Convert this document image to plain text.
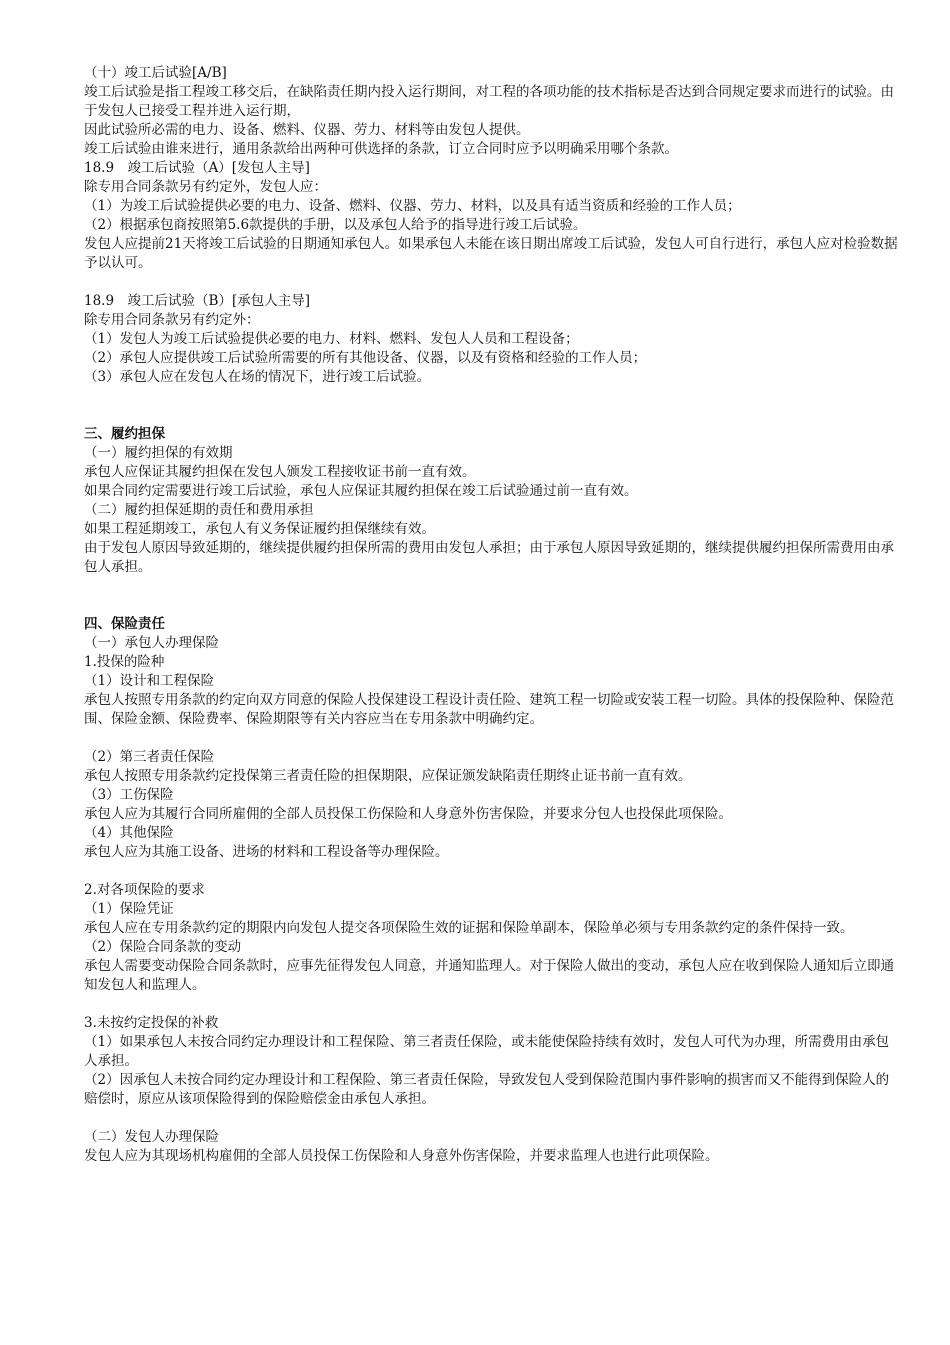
（十）竣工后试验[A/B]

竣工后试验是指工程竣工移交后，在缺陷责任期内投入运行期间，对工程的各项功能的技术指标是否达到合同规定要求而进行的试验。由于发包人已接受工程并进入运行期，

因此试验所必需的电力、设备、燃料、仪器、劳力、材料等由发包人提供。

竣工后试验由谁来进行，通用条款给出两种可供选择的条款，订立合同时应予以明确采用哪个条款。

18.9　竣工后试验（A）[发包人主导]

除专用合同条款另有约定外，发包人应：

（1）为竣工后试验提供必要的电力、设备、燃料、仪器、劳力、材料，以及具有适当资质和经验的工作人员；

（2）根据承包商按照第5.6款提供的手册，以及承包人给予的指导进行竣工后试验。

发包人应提前21天将竣工后试验的日期通知承包人。如果承包人未能在该日期出席竣工后试验，发包人可自行进行，承包人应对检验数据予以认可。

18.9　竣工后试验（B）[承包人主导]

除专用合同条款另有约定外：

（1）发包人为竣工后试验提供必要的电力、材料、燃料、发包人人员和工程设备；

（2）承包人应提供竣工后试验所需要的所有其他设备、仪器，以及有资格和经验的工作人员；

（3）承包人应在发包人在场的情况下，进行竣工后试验。

三、履约担保

（一）履约担保的有效期

承包人应保证其履约担保在发包人颁发工程接收证书前一直有效。

如果合同约定需要进行竣工后试验，承包人应保证其履约担保在竣工后试验通过前一直有效。

（二）履约担保延期的责任和费用承担

如果工程延期竣工，承包人有义务保证履约担保继续有效。

由于发包人原因导致延期的，继续提供履约担保所需的费用由发包人承担；由于承包人原因导致延期的，继续提供履约担保所需费用由承包人承担。

四、保险责任

（一）承包人办理保险

1.投保的险种

（1）设计和工程保险

承包人按照专用条款的约定向双方同意的保险人投保建设工程设计责任险、建筑工程一切险或安装工程一切险。具体的投保险种、保险范围、保险金额、保险费率、保险期限等有关内容应当在专用条款中明确约定。

（2）第三者责任保险

承包人按照专用条款约定投保第三者责任险的担保期限，应保证颁发缺陷责任期终止证书前一直有效。

（3）工伤保险

承包人应为其履行合同所雇佣的全部人员投保工伤保险和人身意外伤害保险，并要求分包人也投保此项保险。

（4）其他保险

承包人应为其施工设备、进场的材料和工程设备等办理保险。

2.对各项保险的要求

（1）保险凭证

承包人应在专用条款约定的期限内向发包人提交各项保险生效的证据和保险单副本，保险单必须与专用条款约定的条件保持一致。

（2）保险合同条款的变动

承包人需要变动保险合同条款时，应事先征得发包人同意，并通知监理人。对于保险人做出的变动，承包人应在收到保险人通知后立即通知发包人和监理人。

3.未按约定投保的补救

（1）如果承包人未按合同约定办理设计和工程保险、第三者责任保险，或未能使保险持续有效时，发包人可代为办理，所需费用由承包人承担。

（2）因承包人未按合同约定办理设计和工程保险、第三者责任保险，导致发包人受到保险范围内事件影响的损害而又不能得到保险人的赔偿时，原应从该项保险得到的保险赔偿金由承包人承担。

（二）发包人办理保险

发包人应为其现场机构雇佣的全部人员投保工伤保险和人身意外伤害保险，并要求监理人也进行此项保险。
